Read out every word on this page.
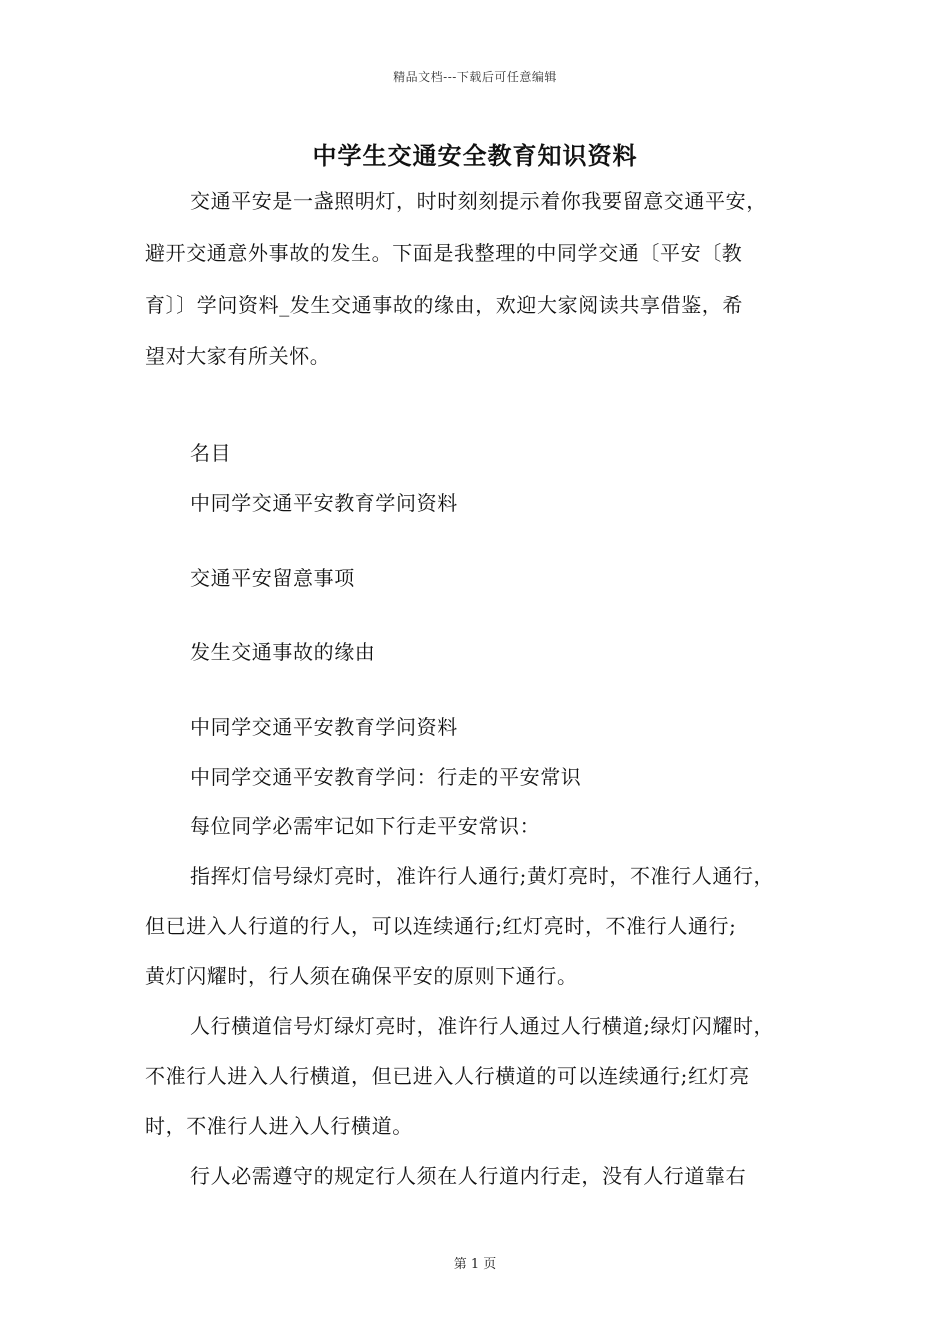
精品文档---下载后可任意编辑
中学生交通安全教育知识资料
交通平安是一盏照明灯，时时刻刻提示着你我要留意交通平安，
避开交通意外事故的发生。下面是我整理的中同学交通〔平安〔教
育〕〕学问资料_发生交通事故的缘由，欢迎大家阅读共享借鉴，希
望对大家有所关怀。
名目
中同学交通平安教育学问资料
交通平安留意事项
发生交通事故的缘由
中同学交通平安教育学问资料
中同学交通平安教育学问：行走的平安常识
每位同学必需牢记如下行走平安常识：
指挥灯信号绿灯亮时，准许行人通行;黄灯亮时，不准行人通行，
但已进入人行道的行人，可以连续通行;红灯亮时，不准行人通行;
黄灯闪耀时，行人须在确保平安的原则下通行。
人行横道信号灯绿灯亮时，准许行人通过人行横道;绿灯闪耀时，
不准行人进入人行横道，但已进入人行横道的可以连续通行;红灯亮
时，不准行人进入人行横道。
行人必需遵守的规定行人须在人行道内行走，没有人行道靠右
第 1 页
